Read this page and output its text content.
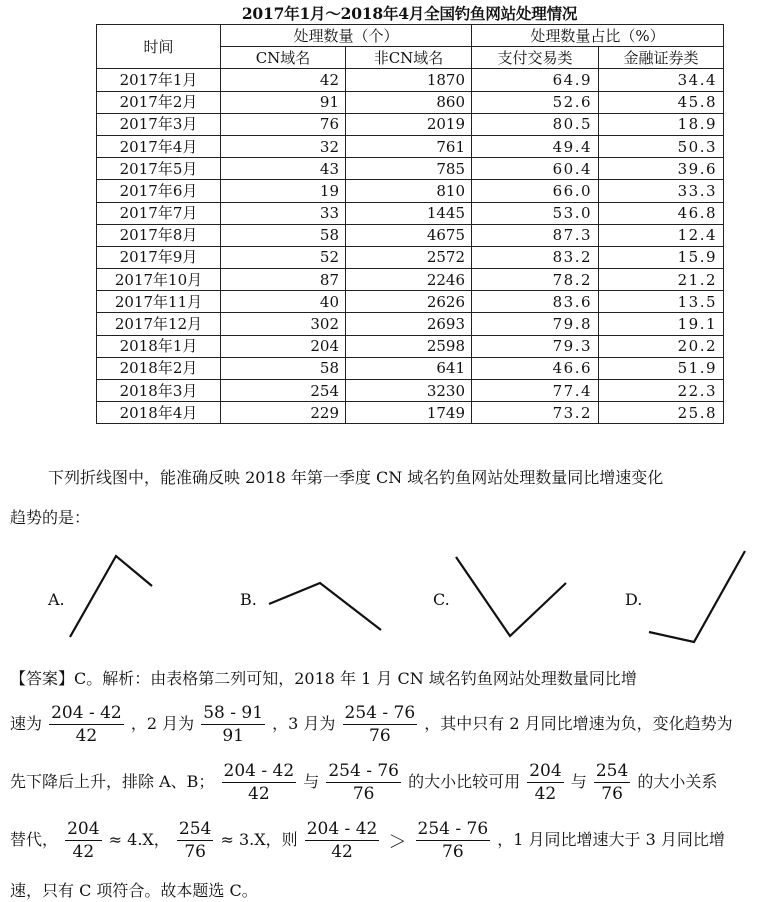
2017年1月～2018年4月全国钓鱼网站处理情况
时间	处理数量（个）		处理数量占比（%）	
	CN域名	非CN域名	支付交易类	金融证券类
2017年1月	42	1870	64.9	34.4
2017年2月	91	860	52.6	45.8
2017年3月	76	2019	80.5	18.9
2017年4月	32	761	49.4	50.3
2017年5月	43	785	60.4	39.6
2017年6月	19	810	66.0	33.3
2017年7月	33	1445	53.0	46.8
2017年8月	58	4675	87.3	12.4
2017年9月	52	2572	83.2	15.9
2017年10月	87	2246	78.2	21.2
2017年11月	40	2626	83.6	13.5
2017年12月	302	2693	79.8	19.1
2018年1月	204	2598	79.3	20.2
2018年2月	58	641	46.6	51.9
2018年3月	254	3230	77.4	22.3
2018年4月	229	1749	73.2	25.8
下列折线图中，能准确反映 2018 年第一季度 CN 域名钓鱼网站处理数量同比增速变化
趋势的是：
A.	B.	C.	D.
【答案】C。解析：由表格第二列可知，2018 年 1 月 CN 域名钓鱼网站处理数量同比增
速为 $\frac{204 - 42}{42}$ ，2 月为 $\frac{58 - 91}{91}$ ，3 月为 $\frac{254 - 76}{76}$ ，其中只有 2 月同比增速为负，变化趋势为
先下降后上升，排除 A、B； $\frac{204 - 42}{42}$ 与 $\frac{254 - 76}{76}$ 的大小比较可用 $\frac{204}{42}$ 与 $\frac{254}{76}$ 的大小关系
替代， $\frac{204}{42} \approx 4.X$， $\frac{254}{76} \approx 3.X$，则 $\frac{204 - 42}{42} > \frac{254 - 76}{76}$ ，1 月同比增速大于 3 月同比增
速，只有 C 项符合。故本题选 C。
